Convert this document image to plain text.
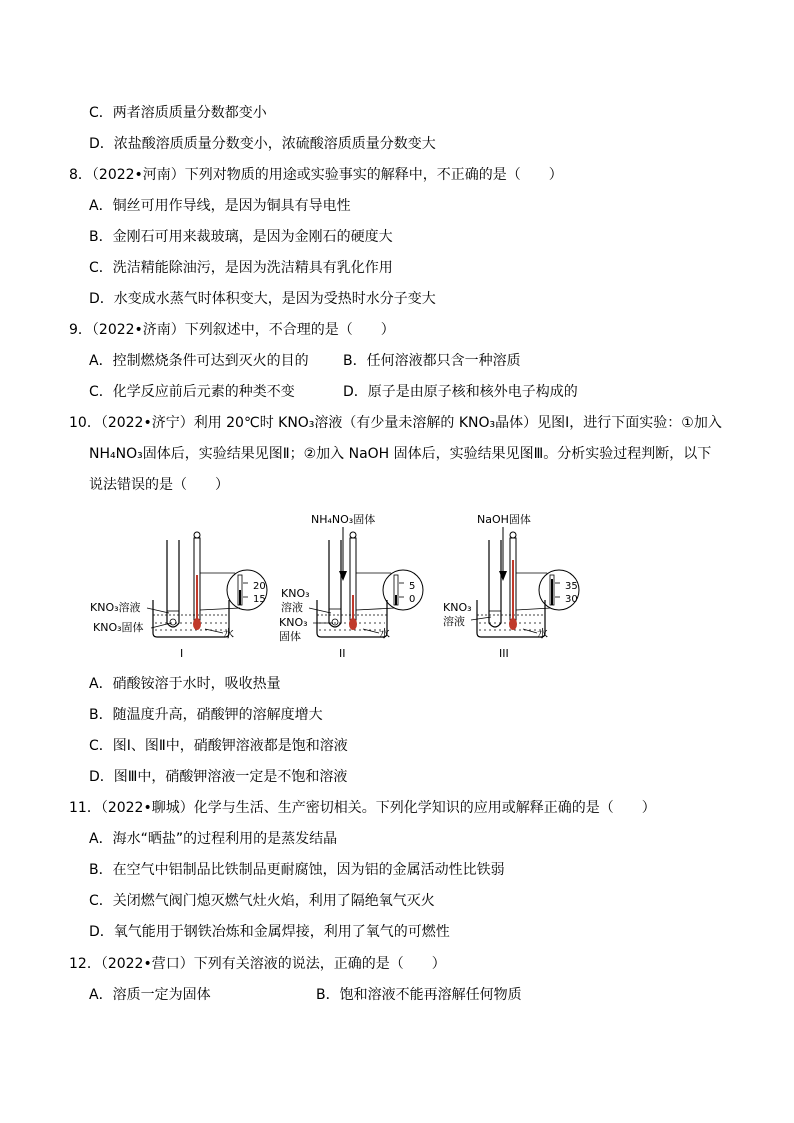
C．两者溶质质量分数都变小
D．浓盐酸溶质质量分数变小，浓硫酸溶质质量分数变大
8．（2022•河南）下列对物质的用途或实验事实的解释中，不正确的是（　　）
A．铜丝可用作导线，是因为铜具有导电性
B．金刚石可用来裁玻璃，是因为金刚石的硬度大
C．洗洁精能除油污，是因为洗洁精具有乳化作用
D．水变成水蒸气时体积变大，是因为受热时水分子变大
9．（2022•济南）下列叙述中，不合理的是（　　）
A．控制燃烧条件可达到灭火的目的 B．任何溶液都只含一种溶质
C．化学反应前后元素的种类不变	D．原子是由原子核和核外电子构成的
10．（2022•济宁）利用 20℃时 KNO₃溶液（有少量未溶解的 KNO₃晶体）见图Ⅰ，进行下面实验：①加入
NH₄NO₃固体后，实验结果见图Ⅱ；②加入 NaOH 固体后，实验结果见图Ⅲ。分析实验过程判断，以下
说法错误的是（　　）
20
15
KNO₃溶液
KNO₃固体	水
I
NH₄NO₃固体
5
0
KNO₃
溶液
KNO₃
固体	水
II
NaOH固体
35
30
KNO₃
溶液
水
III
A．硝酸铵溶于水时，吸收热量
B．随温度升高，硝酸钾的溶解度增大
C．图Ⅰ、图Ⅱ中，硝酸钾溶液都是饱和溶液
D．图Ⅲ中，硝酸钾溶液一定是不饱和溶液
11．（2022•聊城）化学与生活、生产密切相关。下列化学知识的应用或解释正确的是（　　）
A．海水“晒盐”的过程利用的是蒸发结晶
B．在空气中铝制品比铁制品更耐腐蚀，因为铝的金属活动性比铁弱
C．关闭燃气阀门熄灭燃气灶火焰，利用了隔绝氧气灭火
D．氧气能用于钢铁冶炼和金属焊接，利用了氧气的可燃性
12．（2022•营口）下列有关溶液的说法，正确的是（　　）
A．溶质一定为固体	B．饱和溶液不能再溶解任何物质
